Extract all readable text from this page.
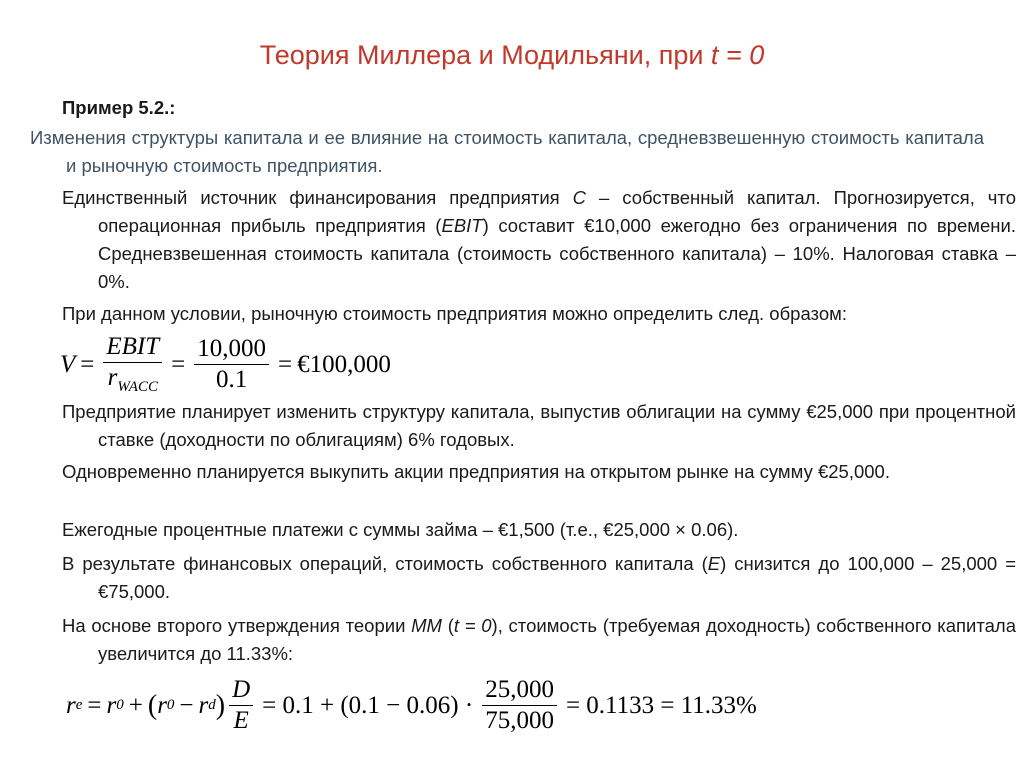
Теория Миллера и Модильяни, при t = 0
Пример 5.2.:
Изменения структуры капитала и ее влияние на стоимость капитала, средневзвешенную стоимость капитала и рыночную стоимость предприятия.
Единственный источник финансирования предприятия С – собственный капитал. Прогнозируется, что операционная прибыль предприятия (EBIT) составит €10,000 ежегодно без ограничения по времени. Средневзвешенная стоимость капитала (стоимость собственного капитала) – 10%. Налоговая ставка – 0%.
При данном условии, рыночную стоимость предприятия можно определить след. образом:
$V = \frac{\text{EBIT}}{r_{WACC}} = \frac{10,000}{0.1}$ = €100,000
Предприятие планирует изменить структуру капитала, выпустив облигации на сумму €25,000 при процентной ставке (доходности по облигациям) 6% годовых.
Одновременно планируется выкупить акции предприятия на открытом рынке на сумму €25,000.
Ежегодные процентные платежи с суммы займа – €1,500 (т.е., €25,000 × 0.06).
В результате финансовых операций, стоимость собственного капитала (E) снизится до 100,000 – 25,000 = €75,000.
На основе второго утверждения теории ММ (t = 0), стоимость (требуемая доходность) собственного капитала увеличится до 11.33%:
r e = r 0 + ( r 0 − r d ) $\frac{D}{E} = 0.1 + (0.1 - 0.06) \cdot \frac{25,000}{75,000} = 0.1133 = 11.33\%$
